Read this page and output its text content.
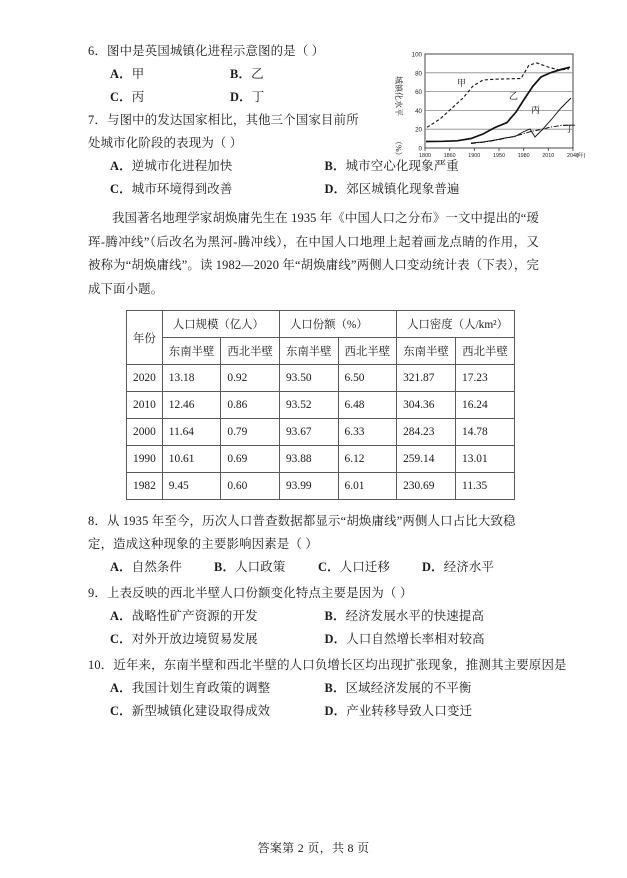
城镇化水平
（%）
100
80
60
40
20
0
1800 1860 1900 1950 1980 2010 2040
(年)
甲
乙
丙
丁
6．图中是英国城镇化进程示意图的是（ ）
A．甲	B．乙
C．丙	D．丁
7．与图中的发达国家相比，其他三个国家目前所
处城市化阶段的表现为（ ）
A．逆城市化进程加快	B．城市空心化现象严重
C．城市环境得到改善	D．郊区城镇化现象普遍
我国著名地理学家胡焕庸先生在 1935 年《中国人口之分布》一文中提出的“瑷珲-腾冲线”（后改名为黑河-腾冲线），在中国人口地理上起着画龙点睛的作用，又被称为“胡焕庸线”。读 1982—2020 年“胡焕庸线”两侧人口变动统计表（下表），完成下面小题。
年份	人口规模（亿人）		人口份额（%）		人口密度（人/km²）	
	东南半壁	西北半壁	东南半壁	西北半壁	东南半壁	西北半壁
2020	13.18	0.92	93.50	6.50	321.87	17.23
2010	12.46	0.86	93.52	6.48	304.36	16.24
2000	11.64	0.79	93.67	6.33	284.23	14.78
1990	10.61	0.69	93.88	6.12	259.14	13.01
1982	9.45	0.60	93.99	6.01	230.69	11.35
8．从 1935 年至今，历次人口普查数据都显示“胡焕庸线”两侧人口占比大致稳定，造成这种现象的主要影响因素是（ ）
A．自然条件	B．人口政策	C．人口迁移	D．经济水平
9．上表反映的西北半壁人口份额变化特点主要是因为（ ）
A．战略性矿产资源的开发	B．经济发展水平的快速提高
C．对外开放边境贸易发展	D．人口自然增长率相对较高
10．近年来，东南半壁和西北半壁的人口负增长区均出现扩张现象，推测其主要原因是
A．我国计划生育政策的调整	B．区域经济发展的不平衡
C．新型城镇化建设取得成效	D．产业转移导致人口变迁
答案第 2 页，共 8 页
